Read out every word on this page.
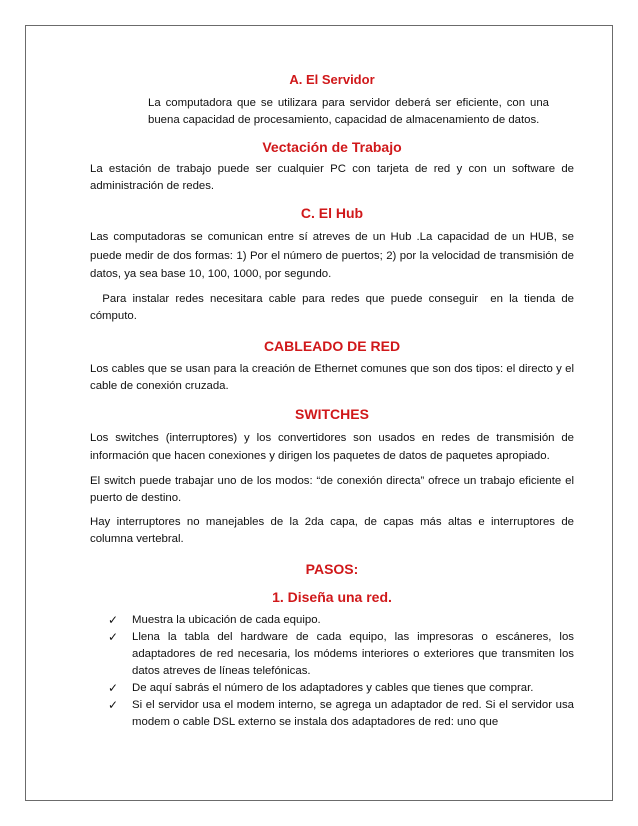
A. El Servidor

La computadora que se utilizara para servidor deberá ser eficiente, con una buena capacidad de procesamiento, capacidad de almacenamiento de datos.

Vectación de Trabajo

La estación de trabajo puede ser cualquier PC con tarjeta de red y con un software de administración de redes.

C. El Hub

Las computadoras se comunican entre sí atreves de un Hub .La capacidad de un HUB, se puede medir de dos formas: 1) Por el número de puertos; 2) por la velocidad de transmisión de datos, ya sea base 10, 100, 1000, por segundo.

Para instalar redes necesitara cable para redes que puede conseguir  en la tienda de cómputo.

CABLEADO DE RED

Los cables que se usan para la creación de Ethernet comunes que son dos tipos: el directo y el cable de conexión cruzada.

SWITCHES

Los switches (interruptores) y los convertidores son usados en redes de transmisión de información que hacen conexiones y dirigen los paquetes de datos de paquetes apropiado.

El switch puede trabajar uno de los modos: “de conexión directa” ofrece un trabajo eficiente el puerto de destino.

Hay interruptores no manejables de la 2da capa, de capas más altas e interruptores de columna vertebral.

PASOS:
1. Diseña una red.
✓ Muestra la ubicación de cada equipo.
✓ Llena la tabla del hardware de cada equipo, las impresoras o escáneres, los adaptadores de red necesaria, los módems interiores o exteriores que transmiten los datos atreves de líneas telefónicas.
✓ De aquí sabrás el número de los adaptadores y cables que tienes que comprar.
✓ Si el servidor usa el modem interno, se agrega un adaptador de red. Si el servidor usa modem o cable DSL externo se instala dos adaptadores de red: uno que
